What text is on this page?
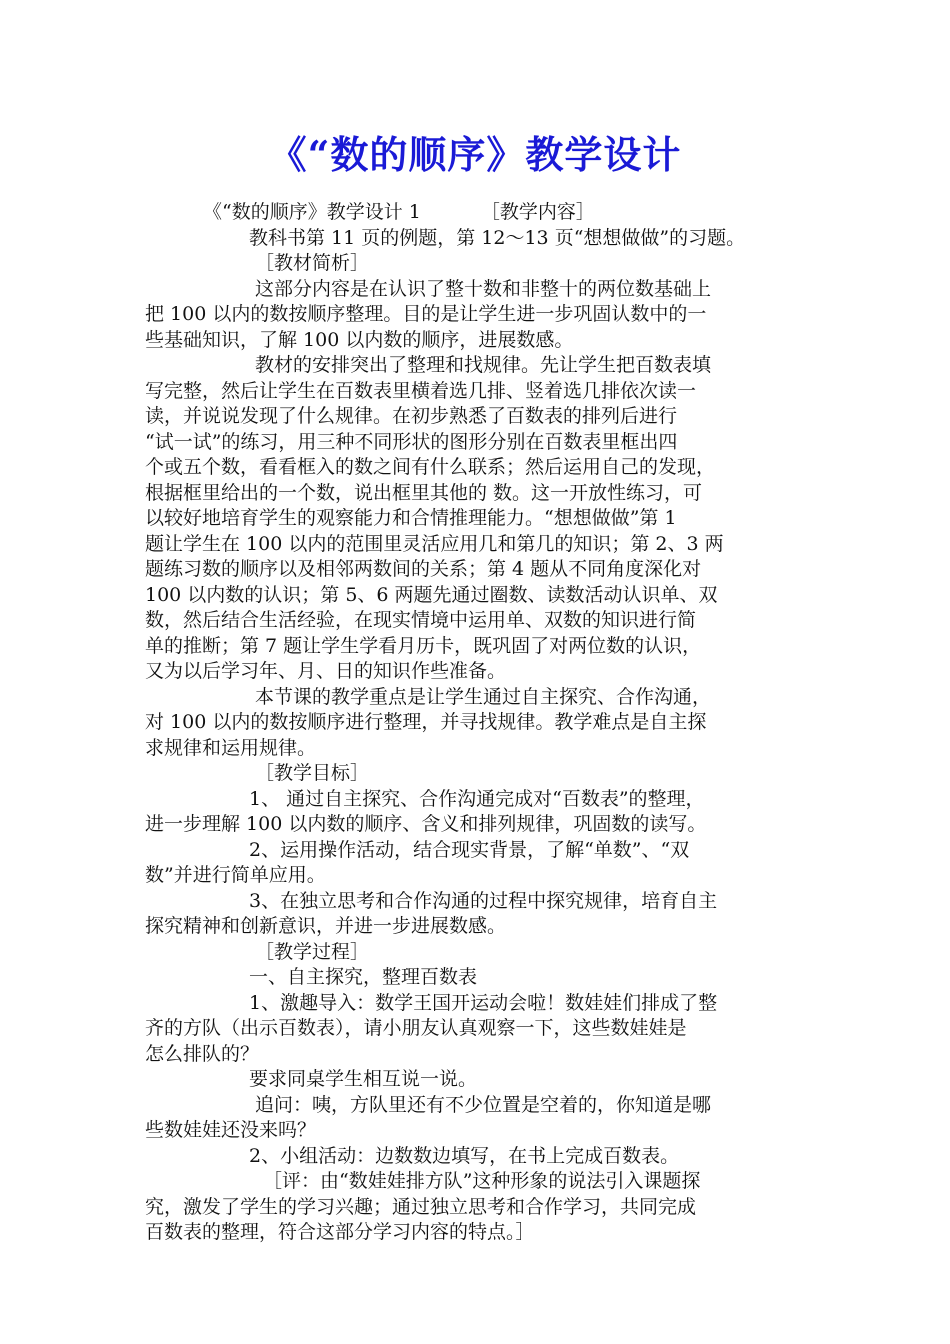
《“数的顺序》教学设计
《“数的顺序》教学设计 1	［教学内容］
教科书第 11 页的例题，第 12～13 页“想想做做”的习题。
［教材简析］
这部分内容是在认识了整十数和非整十的两位数基础上
把 100 以内的数按顺序整理。目的是让学生进一步巩固认数中的一
些基础知识，了解 100 以内数的顺序，进展数感。
教材的安排突出了整理和找规律。先让学生把百数表填
写完整，然后让学生在百数表里横着选几排、竖着选几排依次读一
读，并说说发现了什么规律。在初步熟悉了百数表的排列后进行
“试一试”的练习，用三种不同形状的图形分别在百数表里框出四
个或五个数，看看框入的数之间有什么联系；然后运用自己的发现，
根据框里给出的一个数，说出框里其他的 数。这一开放性练习，可
以较好地培育学生的观察能力和合情推理能力。“想想做做”第 1
题让学生在 100 以内的范围里灵活应用几和第几的知识；第 2、3 两
题练习数的顺序以及相邻两数间的关系；第 4 题从不同角度深化对
100 以内数的认识；第 5、6 两题先通过圈数、读数活动认识单、双
数，然后结合生活经验，在现实情境中运用单、双数的知识进行简
单的推断；第 7 题让学生学看月历卡，既巩固了对两位数的认识，
又为以后学习年、月、日的知识作些准备。
本节课的教学重点是让学生通过自主探究、合作沟通，
对 100 以内的数按顺序进行整理，并寻找规律。教学难点是自主探
求规律和运用规律。
［教学目标］
1、 通过自主探究、合作沟通完成对“百数表”的整理，
进一步理解 100 以内数的顺序、含义和排列规律，巩固数的读写。
2、运用操作活动，结合现实背景，了解“单数”、“双
数”并进行简单应用。
3、在独立思考和合作沟通的过程中探究规律，培育自主
探究精神和创新意识，并进一步进展数感。
［教学过程］
一、自主探究，整理百数表
1、激趣导入：数学王国开运动会啦！数娃娃们排成了整
齐的方队（出示百数表），请小朋友认真观察一下，这些数娃娃是
怎么排队的？
要求同桌学生相互说一说。
追问：咦，方队里还有不少位置是空着的，你知道是哪
些数娃娃还没来吗？
2、小组活动：边数数边填写，在书上完成百数表。
［评：由“数娃娃排方队”这种形象的说法引入课题探
究，激发了学生的学习兴趣；通过独立思考和合作学习，共同完成
百数表的整理，符合这部分学习内容的特点。］
